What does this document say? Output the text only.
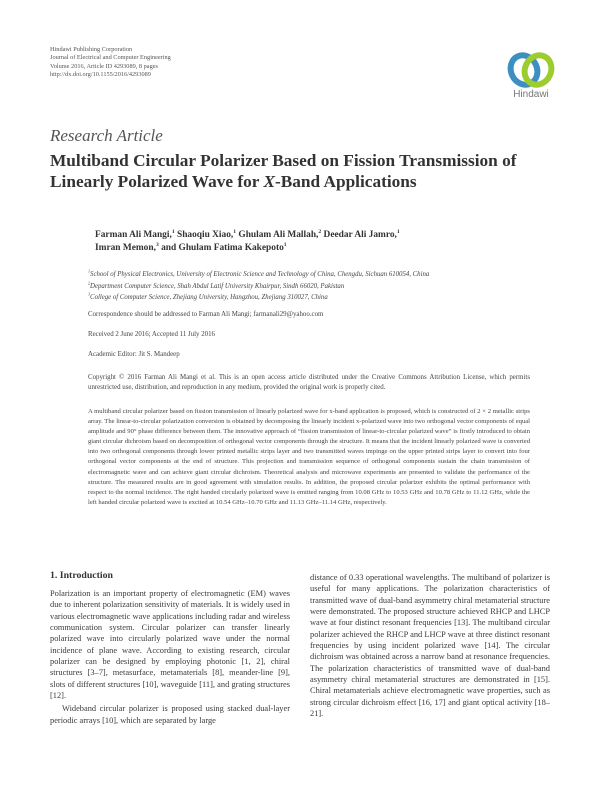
Hindawi Publishing Corporation
Journal of Electrical and Computer Engineering
Volume 2016, Article ID 4293089, 8 pages
http://dx.doi.org/10.1155/2016/4293089
Hindawi
Research Article
Multiband Circular Polarizer Based on Fission Transmission of Linearly Polarized Wave for X-Band Applications
Farman Ali Mangi,$^1$ Shaoqiu Xiao,$^1$ Ghulam Ali Mallah,$^2$ Deedar Ali Jamro,$^1$
Imran Memon,$^3$ and Ghulam Fatima Kakepoto$^1$
$^1$School of Physical Electronics, University of Electronic Science and Technology of China, Chengdu, Sichuan 610054, China
$^2$Department Computer Science, Shah Abdul Latif University Khairpur, Sindh 66020, Pakistan
$^3$College of Computer Science, Zhejiang University, Hangzhou, Zhejiang 310027, China
Correspondence should be addressed to Farman Ali Mangi; farmanali29@yahoo.com
Received 2 June 2016; Accepted 11 July 2016
Academic Editor: Jit S. Mandeep
Copyright © 2016 Farman Ali Mangi et al. This is an open access article distributed under the Creative Commons Attribution License, which permits unrestricted use, distribution, and reproduction in any medium, provided the original work is properly cited.
A multiband circular polarizer based on fission transmission of linearly polarized wave for x-band application is proposed, which is constructed of 2 × 2 metallic strips array. The linear-to-circular polarization conversion is obtained by decomposing the linearly incident x-polarized wave into two orthogonal vector components of equal amplitude and 90° phase difference between them. The innovative approach of “fission transmission of linear-to-circular polarized wave” is firstly introduced to obtain giant circular dichroism based on decomposition of orthogonal vector components through the structure. It means that the incident linearly polarized wave is converted into two orthogonal components through lower printed metallic strips layer and two transmitted waves impinge on the upper printed strips layer to convert into four orthogonal vector components at the end of structure. This projection and transmission sequence of orthogonal components sustain the chain transmission of electromagnetic wave and can achieve giant circular dichroism. Theoretical analysis and microwave experiments are presented to validate the performance of the structure. The measured results are in good agreement with simulation results. In addition, the proposed circular polarizer exhibits the optimal performance with respect to the normal incidence. The right handed circularly polarized wave is emitted ranging from 10.08 GHz to 10.53 GHz and 10.78 GHz to 11.12 GHz, while the left handed circular polarized wave is excited at 10.54 GHz–10.70 GHz and 11.13 GHz–11.14 GHz, respectively.
1. Introduction

Polarization is an important property of electromagnetic (EM) waves due to inherent polarization sensitivity of materials. It is widely used in various electromagnetic wave applications including radar and wireless communication system. Circular polarizer can transfer linearly polarized wave into circularly polarized wave under the normal incidence of plane wave. According to existing research, circular polarizer can be designed by employing photonic [1, 2], chiral structures [3–7], metasurface, metamaterials [8], meander-line [9], slots of different structures [10], waveguide [11], and grating structures [12].

Wideband circular polarizer is proposed using stacked dual-layer periodic arrays [10], which are separated by large

distance of 0.33 operational wavelengths. The multiband of polarizer is useful for many applications. The polarization characteristics of transmitted wave of dual-band asymmetry chiral metamaterial structure were demonstrated. The proposed structure achieved RHCP and LHCP wave at four distinct resonant frequencies [13]. The multiband circular polarizer achieved the RHCP and LHCP wave at three distinct resonant frequencies by using incident polarized wave [14]. The circular dichroism was obtained across a narrow band at resonance frequencies. The polarization characteristics of transmitted wave of dual-band asymmetry chiral metamaterial structures are demonstrated in [15]. Chiral metamaterials achieve electromagnetic wave properties, such as strong circular dichroism effect [16, 17] and giant optical activity [18–21].
